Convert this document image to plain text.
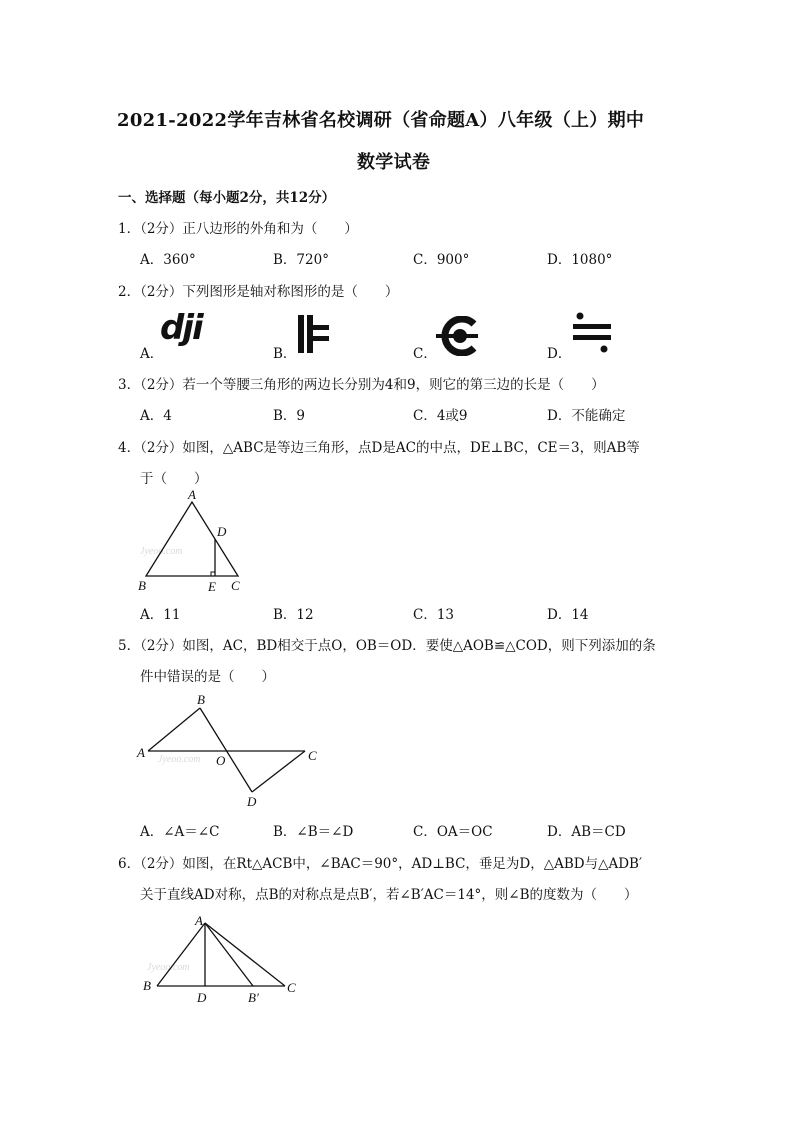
2021-2022学年吉林省名校调研（省命题A）八年级（上）期中
数学试卷
一、选择题（每小题2分，共12分）
1．（2分）正八边形的外角和为（　　）
A．360°	B．720°	C．900°	D．1080°
2．（2分）下列图形是轴对称图形的是（　　）
A．	B．	C．	D．
dji
3．（2分）若一个等腰三角形的两边长分别为4和9，则它的第三边的长是（　　）
A．4	B．9	C．4或9	D．不能确定
4．（2分）如图，△ABC是等边三角形，点D是AC的中点，DE⊥BC，CE＝3，则AB等
于（　　）
Jyeoo.com
A
D
B	E C
A．11	B．12	C．13	D．14
5．（2分）如图，AC，BD相交于点O，OB＝OD．要使△AOB≌△COD，则下列添加的条
件中错误的是（　　）
Jyeoo.com
B
A
O	C
D
A．∠A＝∠C	B．∠B＝∠D	C．OA＝OC	D．AB＝CD
6．（2分）如图，在Rt△ACB中，∠BAC＝90°，AD⊥BC，垂足为D，△ABD与△ADB′
关于直线AD对称，点B的对称点是点B′，若∠B′AC＝14°，则∠B的度数为（　　）
Jyeoo.com
A
B
D	B′
C
